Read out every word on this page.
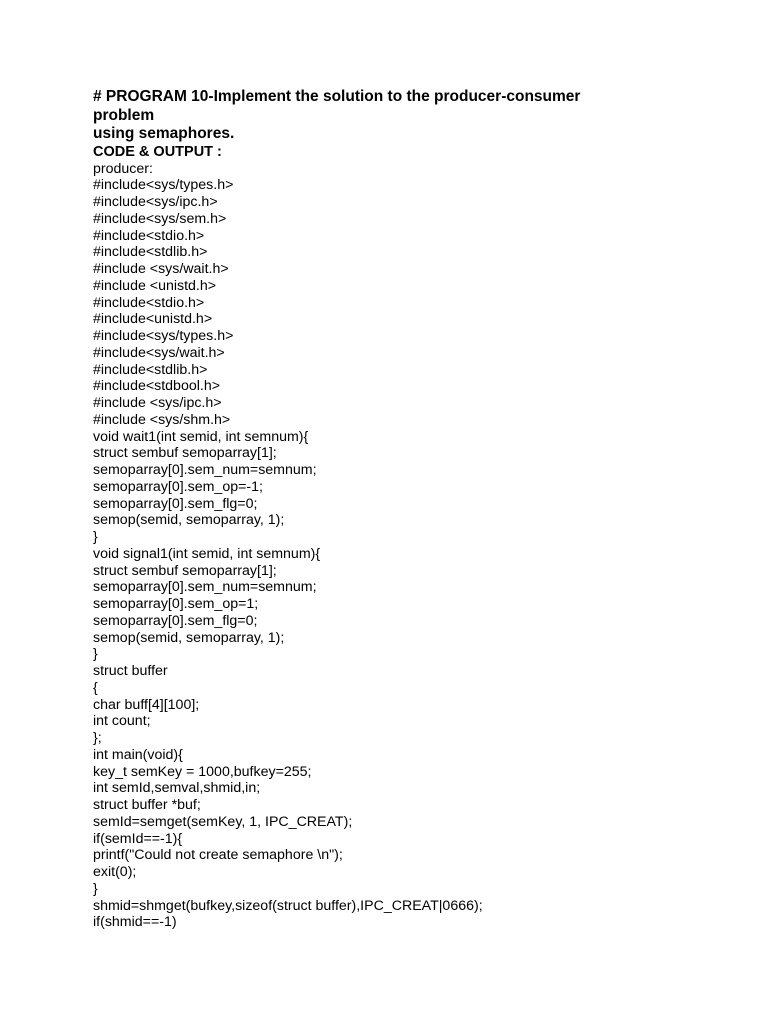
# PROGRAM 10-Implement the solution to the producer-consumer
problem
using semaphores.
CODE & OUTPUT :
producer:
#include<sys/types.h>
#include<sys/ipc.h>
#include<sys/sem.h>
#include<stdio.h>
#include<stdlib.h>
#include <sys/wait.h>
#include <unistd.h>
#include<stdio.h>
#include<unistd.h>
#include<sys/types.h>
#include<sys/wait.h>
#include<stdlib.h>
#include<stdbool.h>
#include <sys/ipc.h>
#include <sys/shm.h>
void wait1(int semid, int semnum){
struct sembuf semoparray[1];
semoparray[0].sem_num=semnum;
semoparray[0].sem_op=-1;
semoparray[0].sem_flg=0;
semop(semid, semoparray, 1);
}
void signal1(int semid, int semnum){
struct sembuf semoparray[1];
semoparray[0].sem_num=semnum;
semoparray[0].sem_op=1;
semoparray[0].sem_flg=0;
semop(semid, semoparray, 1);
}
struct buffer
{
char buff[4][100];
int count;
};
int main(void){
key_t semKey = 1000,bufkey=255;
int semId,semval,shmid,in;
struct buffer *buf;
semId=semget(semKey, 1, IPC_CREAT);
if(semId==-1){
printf("Could not create semaphore \n");
exit(0);
}
shmid=shmget(bufkey,sizeof(struct buffer),IPC_CREAT|0666);
if(shmid==-1)
